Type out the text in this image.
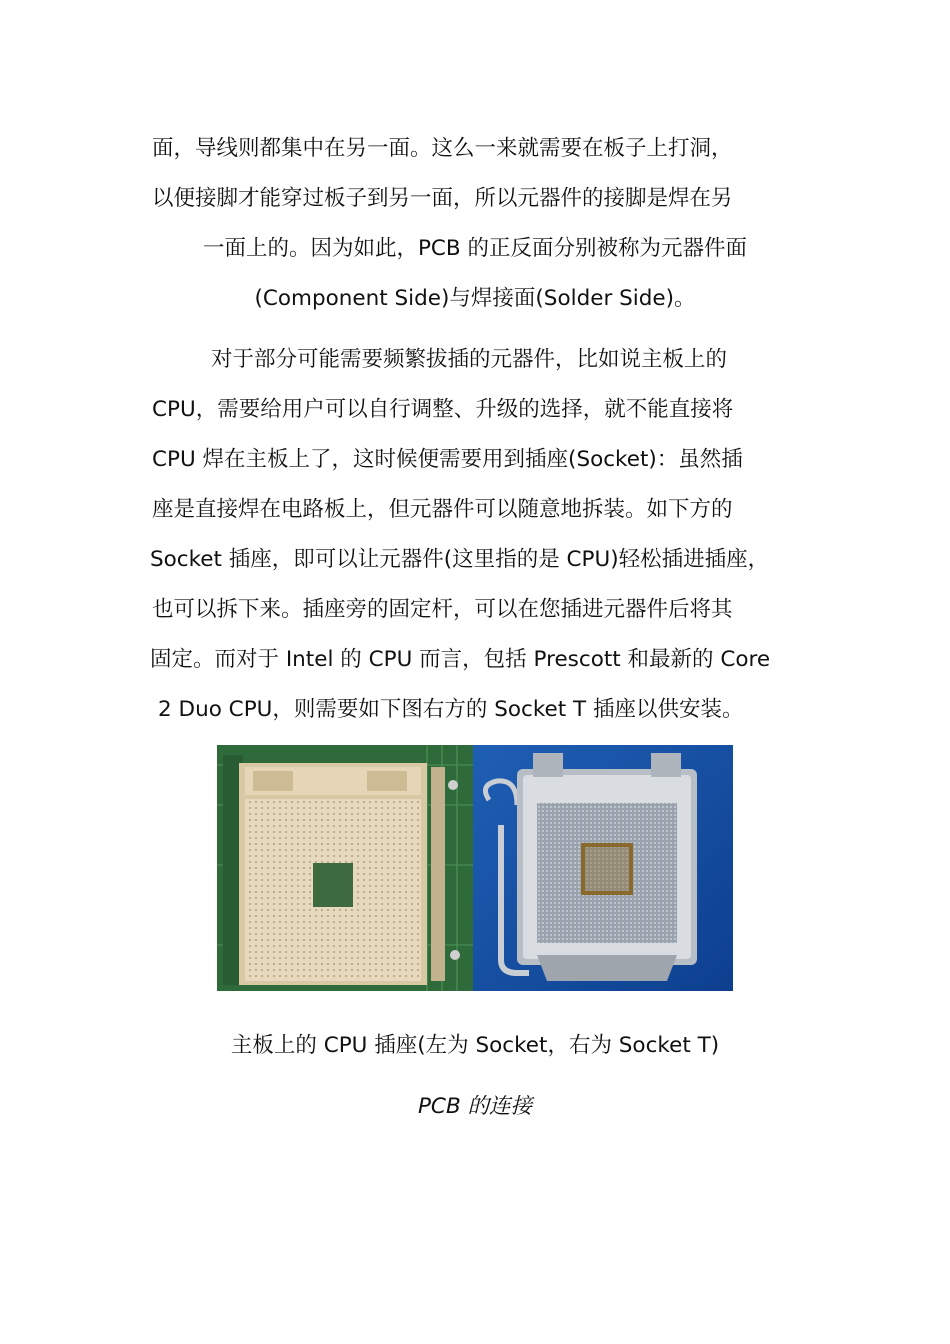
面，导线则都集中在另一面。这么一来就需要在板子上打洞，
以便接脚才能穿过板子到另一面，所以元器件的接脚是焊在另
一面上的。因为如此，PCB 的正反面分别被称为元器件面
(Component Side)与焊接面(Solder Side)。
对于部分可能需要频繁拔插的元器件，比如说主板上的
CPU，需要给用户可以自行调整、升级的选择，就不能直接将
CPU 焊在主板上了，这时候便需要用到插座(Socket)：虽然插
座是直接焊在电路板上，但元器件可以随意地拆装。如下方的
Socket 插座，即可以让元器件(这里指的是 CPU)轻松插进插座，
也可以拆下来。插座旁的固定杆，可以在您插进元器件后将其
固定。而对于 Intel 的 CPU 而言，包括 Prescott 和最新的 Core
2 Duo CPU，则需要如下图右方的 Socket T 插座以供安装。
主板上的 CPU 插座(左为 Socket，右为 Socket T)
PCB 的连接
